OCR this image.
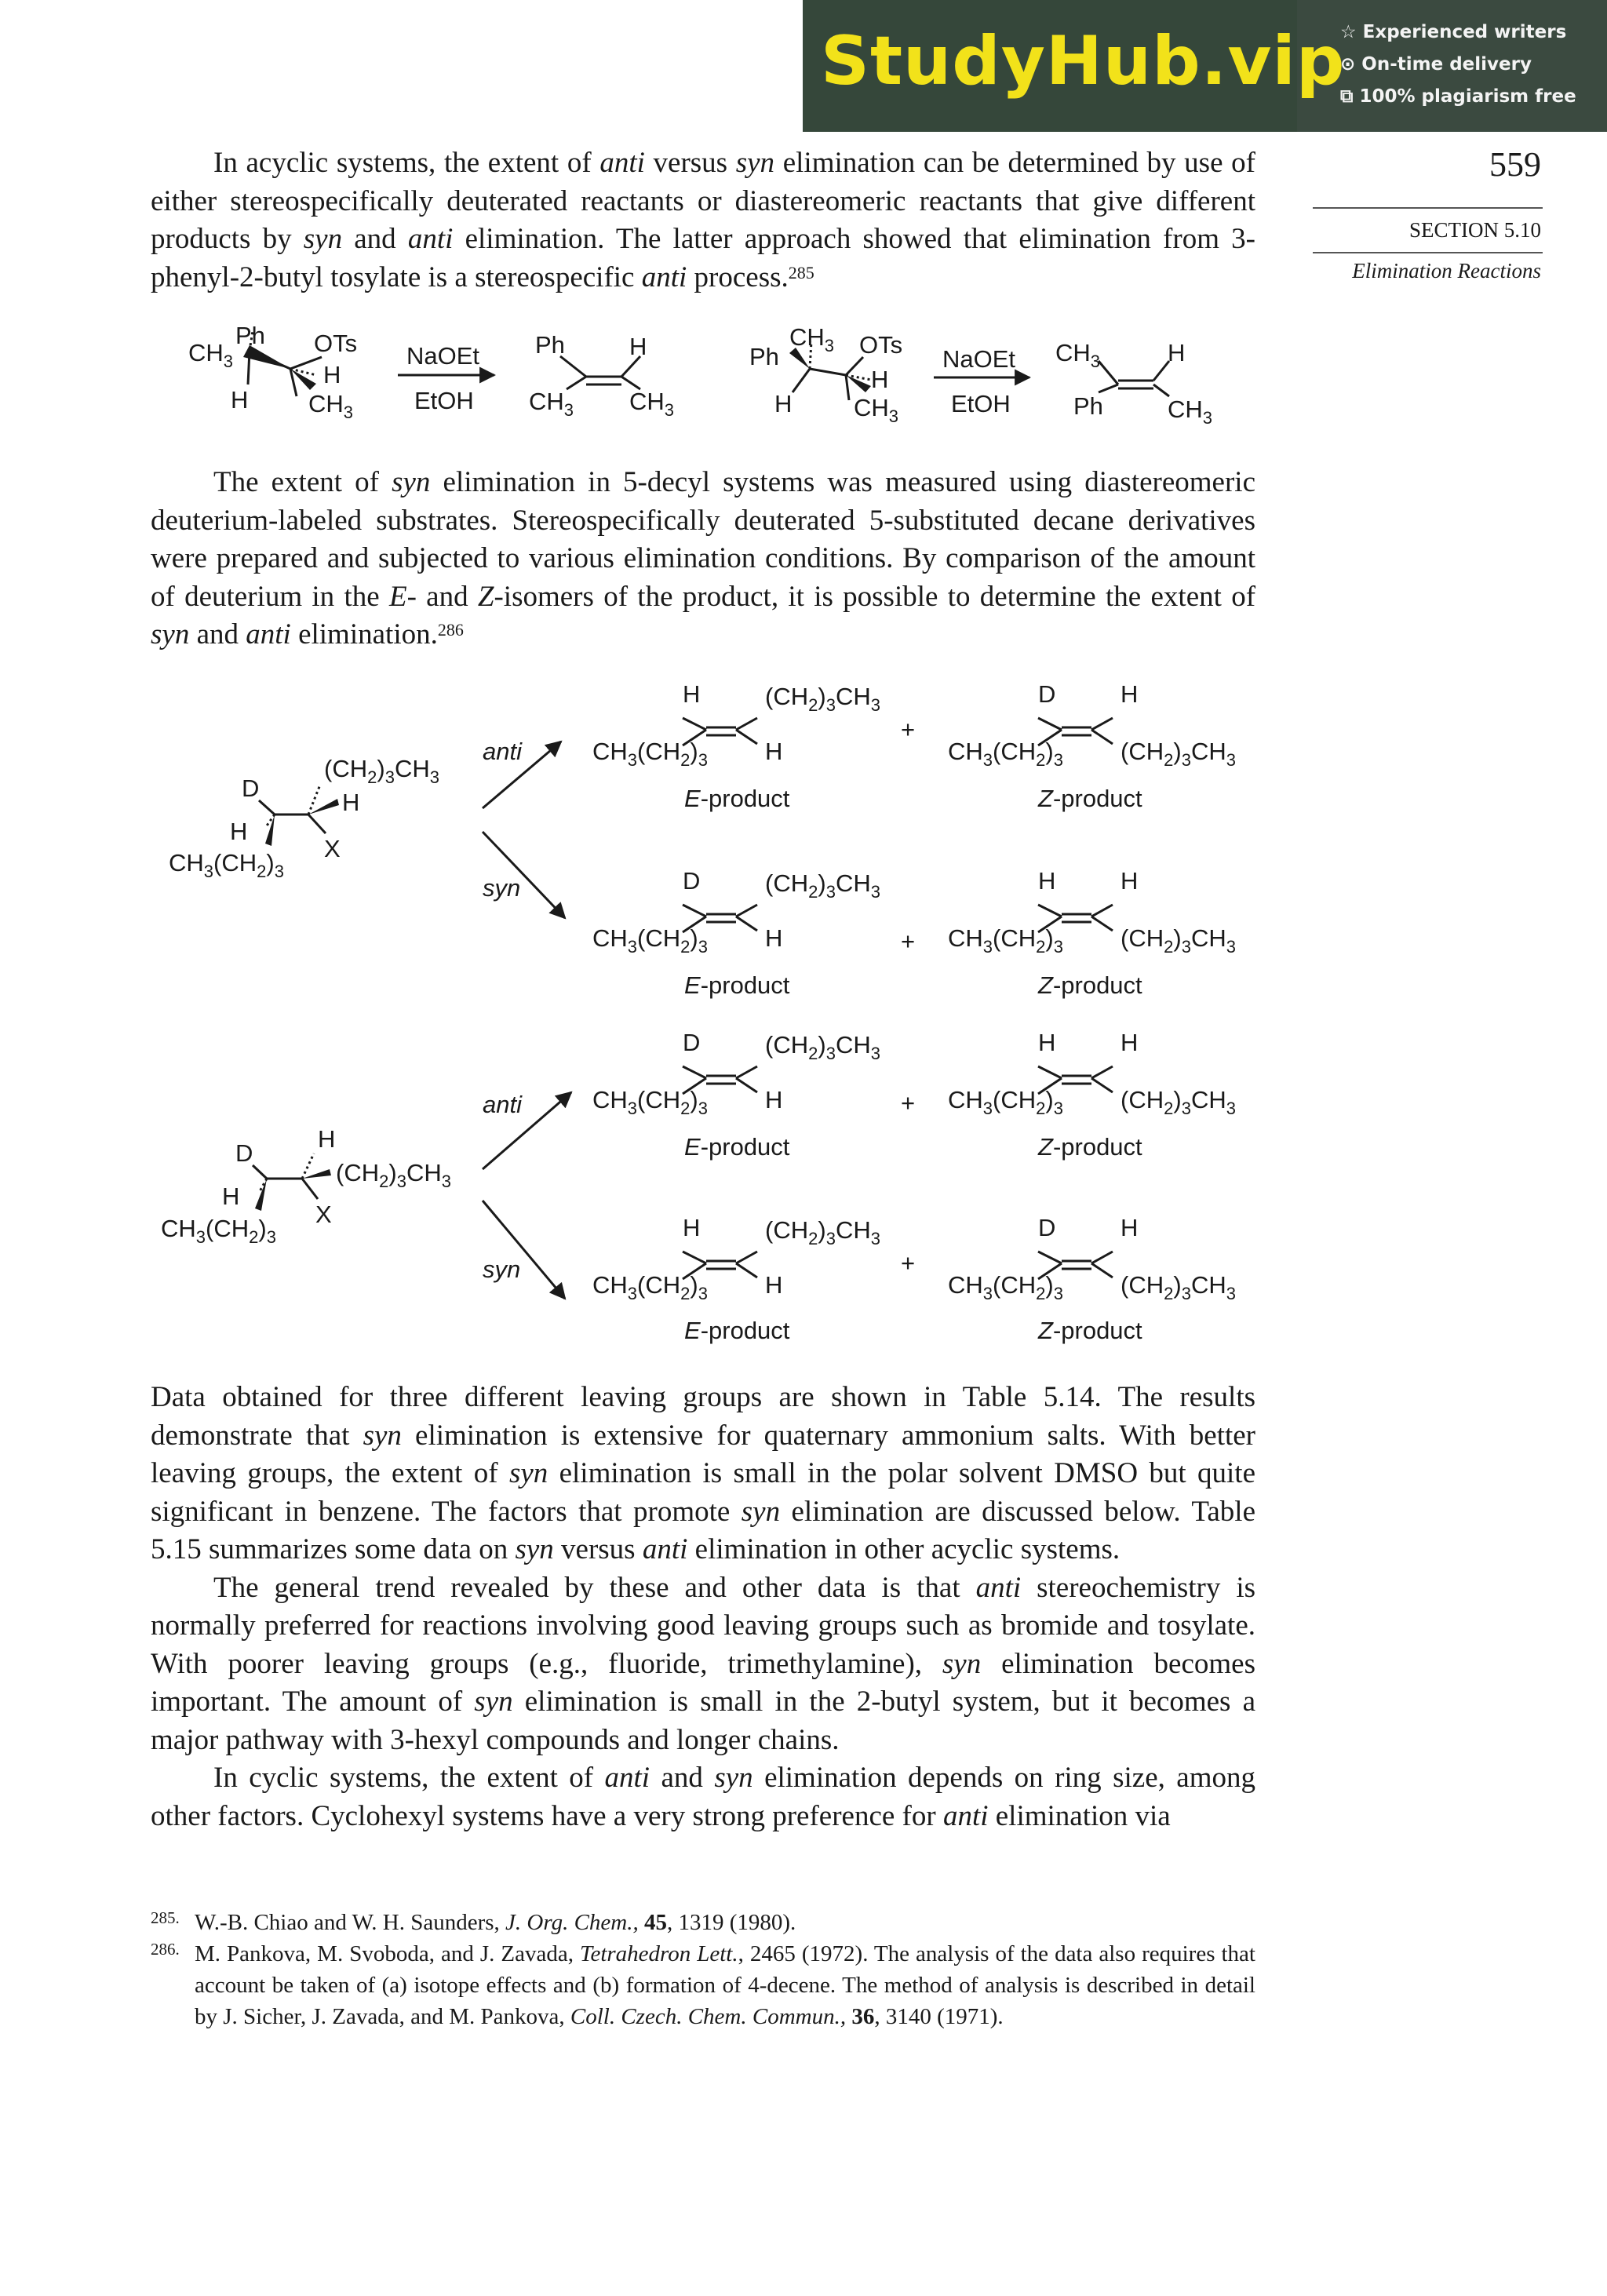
StudyHub.vip
☆ Experienced writers
⊙ On-time delivery
⧉ 100% plagiarism free
559
SECTION 5.10
Elimination Reactions

In acyclic systems, the extent of anti versus syn elimination can be determined by use of either stereospecifically deuterated reactants or diastereomeric reactants that give different products by syn and anti elimination. The latter approach showed that elimination from 3-phenyl-2-butyl tosylate is a stereospecific anti process.$^{285}$

The extent of syn elimination in 5-decyl systems was measured using diastereomeric deuterium-labeled substrates. Stereospecifically deuterated 5-substituted decane derivatives were prepared and subjected to various elimination conditions. By comparison of the amount of deuterium in the E- and Z-isomers of the product, it is possible to determine the extent of syn and anti elimination.$^{286}$

Data obtained for three different leaving groups are shown in Table 5.14. The results demonstrate that syn elimination is extensive for quaternary ammonium salts. With better leaving groups, the extent of syn elimination is small in the polar solvent DMSO but quite significant in benzene. The factors that promote syn elimination are discussed below. Table 5.15 summarizes some data on syn versus anti elimination in other acyclic systems.

The general trend revealed by these and other data is that anti stereochemistry is normally preferred for reactions involving good leaving groups such as bromide and tosylate. With poorer leaving groups (e.g., fluoride, trimethylamine), syn elimination becomes important. The amount of syn elimination is small in the 2-butyl system, but it becomes a major pathway with 3-hexyl compounds and longer chains.

In cyclic systems, the extent of anti and syn elimination depends on ring size, among other factors. Cyclohexyl systems have a very strong preference for anti elimination via

285. W.-B. Chiao and W. H. Saunders, J. Org. Chem., 45, 1319 (1980).
286. M. Pankova, M. Svoboda, and J. Zavada, Tetrahedron Lett., 2465 (1972). The analysis of the data also requires that account be taken of (a) isotope effects and (b) formation of 4-decene. The method of analysis is described in detail by J. Sicher, J. Zavada, and M. Pankova, Coll. Czech. Chem. Commun., 36, 3140 (1971).
Ph
$CH_3$
H
OTs
H
$CH_3$
NaOEt
EtOH
Ph	H
$CH_3$ $CH_3$
$CH_3$
Ph	OTs
H
H	$CH_3$
NaOEt
EtOH
$CH_3$	H
Ph	$CH_3$
$(CH_2)_3CH_3$
D
H
H
X
$CH_3(CH_2)_3$
anti
syn
H	$(CH_2)_3CH_3$
$CH_3(CH_2)_3$ H
E-product
+
D	H
$CH_3(CH_2)_3$ $(CH_2)_3CH_3$
Z-product
D	$(CH_2)_3CH_3$
$CH_3(CH_2)_3$ H
E-product
+
H	H
$CH_3(CH_2)_3$ $(CH_2)_3CH_3$
Z-product
H
D
$(CH_2)_3CH_3$
H
X
$CH_3(CH_2)_3$
anti
syn
D	$(CH_2)_3CH_3$
$CH_3(CH_2)_3$ H
E-product
+
H	H
$CH_3(CH_2)_3$ $(CH_2)_3CH_3$
Z-product
H	$(CH_2)_3CH_3$
$CH_3(CH_2)_3$ H
E-product
+
D	H
$CH_3(CH_2)_3$ $(CH_2)_3CH_3$
Z-product
